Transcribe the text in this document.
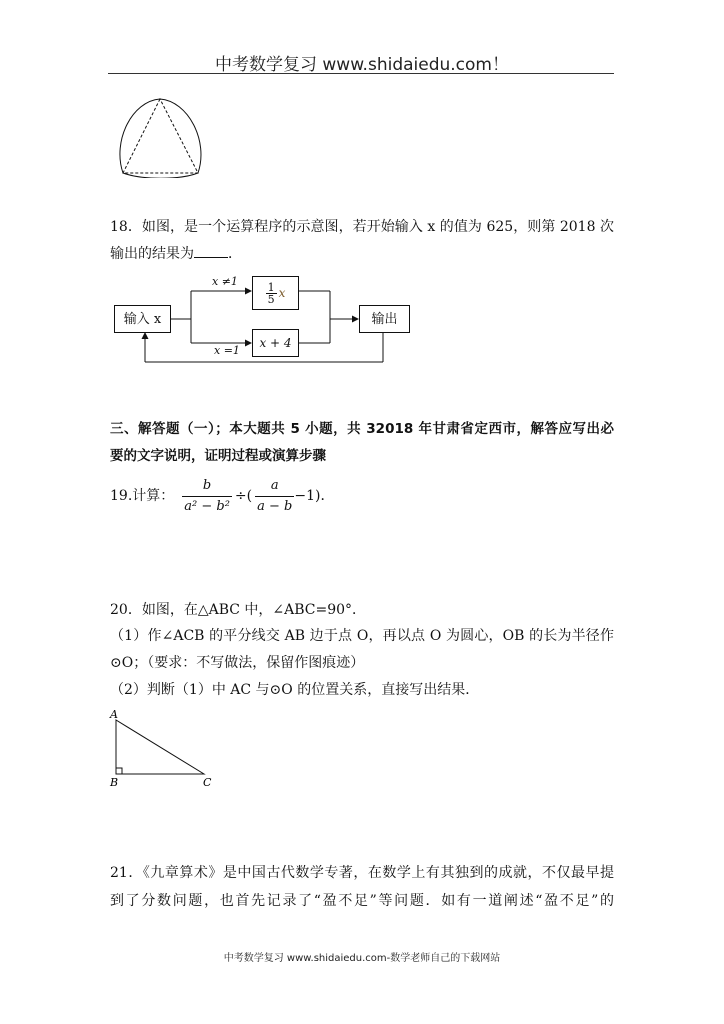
中考数学复习 www.shidaiedu.com！
18．如图，是一个运算程序的示意图，若开始输入 x 的值为 625，则第 2018 次
输出的结果为 ．
输入 x
x ≠1	$\frac{1}{5}$ x
x + 4
x =1
输出
三、解答题（一）；本大题共 5 小题，共 32018 年甘肃省定西市，解答应写出必
要的文字说明，证明过程或演算步骤
19.计算： $\frac{b}{\text{a² − b²}}$ ÷( $\frac{a}{a - b} -1$)．
20．如图，在△ABC 中，∠ABC=90°．
（1）作∠ACB 的平分线交 AB 边于点 O，再以点 O 为圆心，OB 的长为半径作
⊙O；（要求：不写做法，保留作图痕迹）
（2）判断（1）中 AC 与⊙O 的位置关系，直接写出结果．
A
B	C
21．《九章算术》是中国古代数学专著，在数学上有其独到的成就，不仅最早提
到了分数问题，也首先记录了“盈不足”等问题．如有一道阐述“盈不足”的
中考数学复习 www.shidaiedu.com-数学老师自己的下载网站
